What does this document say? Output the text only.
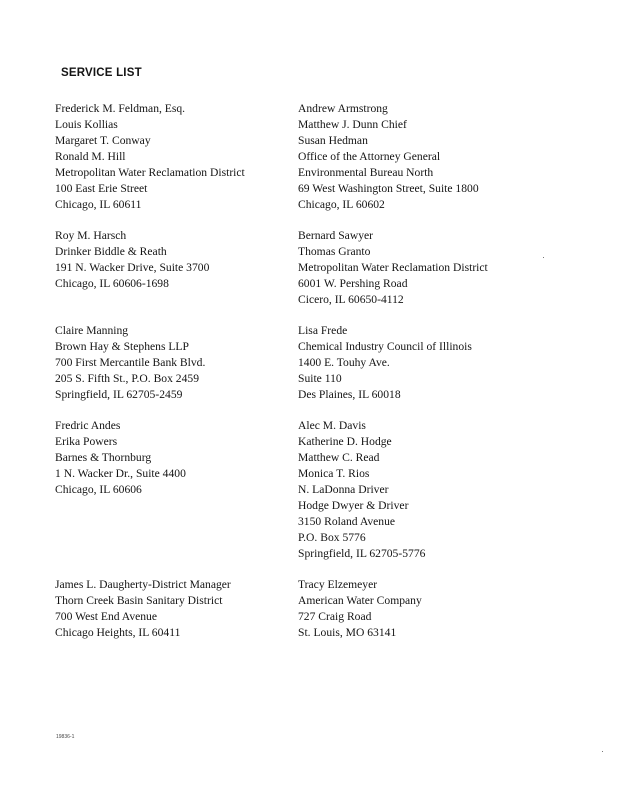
SERVICE LIST
Frederick M. Feldman, Esq.
Louis Kollias
Margaret T. Conway
Ronald M. Hill
Metropolitan Water Reclamation District
100 East Erie Street
Chicago, IL 60611
Andrew Armstrong
Matthew J. Dunn Chief
Susan Hedman
Office of the Attorney General
Environmental Bureau North
69 West Washington Street, Suite 1800
Chicago, IL 60602
Roy M. Harsch
Drinker Biddle & Reath
191 N. Wacker Drive, Suite 3700
Chicago, IL 60606-1698
Bernard Sawyer
Thomas Granto
Metropolitan Water Reclamation District
6001 W. Pershing Road
Cicero, IL 60650-4112
Claire Manning
Brown Hay & Stephens LLP
700 First Mercantile Bank Blvd.
205 S. Fifth St., P.O. Box 2459
Springfield, IL 62705-2459
Lisa Frede
Chemical Industry Council of Illinois
1400 E. Touhy Ave.
Suite 110
Des Plaines, IL 60018
Fredric Andes
Erika Powers
Barnes & Thornburg
1 N. Wacker Dr., Suite 4400
Chicago, IL 60606
Alec M. Davis
Katherine D. Hodge
Matthew C. Read
Monica T. Rios
N. LaDonna Driver
Hodge Dwyer & Driver
3150 Roland Avenue
P.O. Box 5776
Springfield, IL 62705-5776
James L. Daugherty-District Manager
Thorn Creek Basin Sanitary District
700 West End Avenue
Chicago Heights, IL 60411
Tracy Elzemeyer
American Water Company
727 Craig Road
St. Louis, MO 63141
19836-1
